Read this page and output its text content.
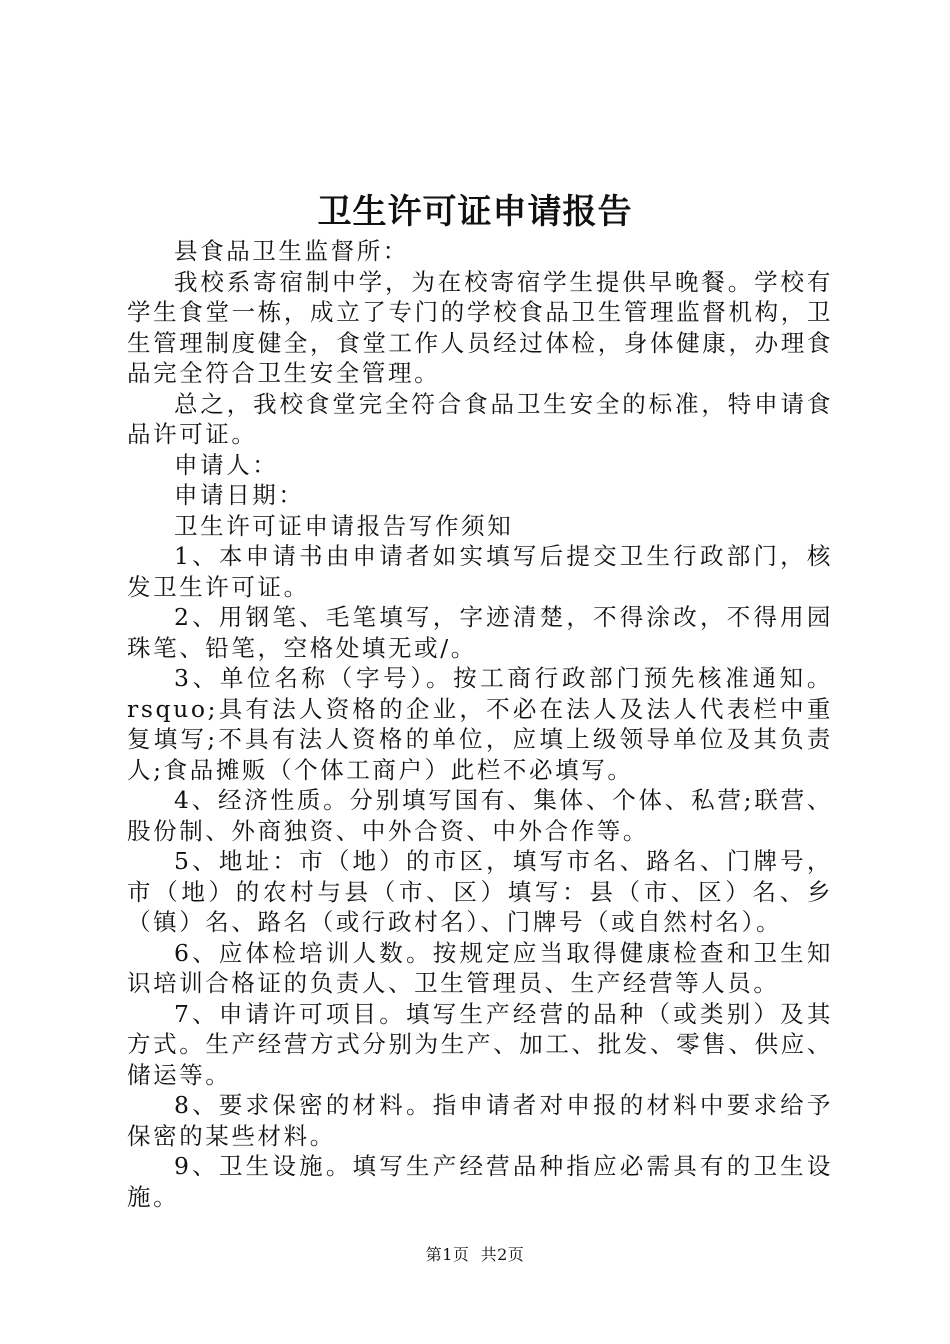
卫生许可证申请报告

县食品卫生监督所：

我校系寄宿制中学，为在校寄宿学生提供早晚餐。学校有学生食堂一栋，成立了专门的学校食品卫生管理监督机构，卫生管理制度健全，食堂工作人员经过体检，身体健康，办理食品完全符合卫生安全管理。

总之，我校食堂完全符合食品卫生安全的标准，特申请食品许可证。

申请人：

申请日期：

卫生许可证申请报告写作须知

1、本申请书由申请者如实填写后提交卫生行政部门，核发卫生许可证。

2、用钢笔、毛笔填写，字迹清楚，不得涂改，不得用园珠笔、铅笔，空格处填无或/。

3、单位名称（字号）。按工商行政部门预先核准通知。rsquo;具有法人资格的企业，不必在法人及法人代表栏中重复填写;不具有法人资格的单位，应填上级领导单位及其负责人;食品摊贩（个体工商户）此栏不必填写。

4、经济性质。分别填写国有、集体、个体、私营;联营、股份制、外商独资、中外合资、中外合作等。

5、地址：市（地）的市区，填写市名、路名、门牌号，市（地）的农村与县（市、区）填写：县（市、区）名、乡（镇）名、路名（或行政村名）、门牌号（或自然村名）。

6、应体检培训人数。按规定应当取得健康检查和卫生知识培训合格证的负责人、卫生管理员、生产经营等人员。

7、申请许可项目。填写生产经营的品种（或类别）及其方式。生产经营方式分别为生产、加工、批发、零售、供应、储运等。

8、要求保密的材料。指申请者对申报的材料中要求给予保密的某些材料。

9、卫生设施。填写生产经营品种指应必需具有的卫生设施。

第1页 共2页
